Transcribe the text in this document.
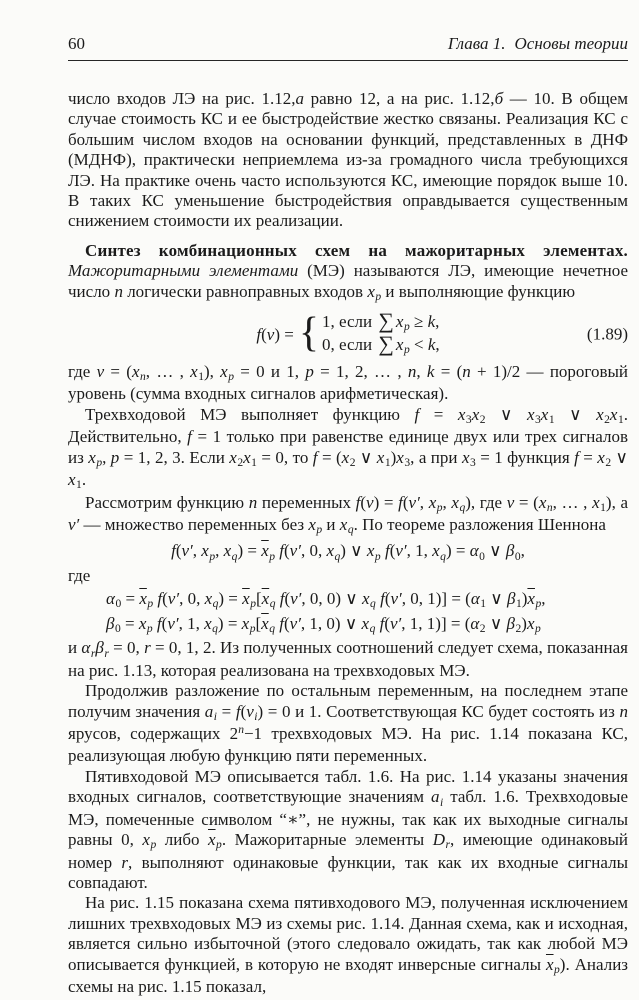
60	Глава 1. Основы теории

число входов ЛЭ на рис. 1.12,а равно 12, а на рис. 1.12,б — 10. В общем случае стоимость КС и ее быстродействие жестко связаны. Реализация КС с большим числом входов на основании функций, представленных в ДНФ (МДНФ), практически неприемлема из-за громадного числа требующихся ЛЭ. На практике очень часто используются КС, имеющие порядок выше 10. В таких КС уменьшение быстродействия оправдывается существенным снижением стоимости их реализации.

Синтез комбинационных схем на мажоритарных элементах. Мажоритарными элементами (МЭ) называются ЛЭ, имеющие нечетное число n логически равноправных входов xp и выполняющие функцию

f(ν) = { 1, если ∑ xp ≥ k,
0, если ∑ xp < k,
(1.89)

где ν = (xn, … , x1), xp = 0 и 1, p = 1, 2, … , n, k = (n + 1)/2 — пороговый уровень (сумма входных сигналов арифметическая).

Трехвходовой МЭ выполняет функцию f = x3x2 ∨ x3x1 ∨ x2x1. Действительно, f = 1 только при равенстве единице двух или трех сигналов из xp, p = 1, 2, 3. Если x2x1 = 0, то f = (x2 ∨ x1)x3, а при x3 = 1 функция f = x2 ∨ x1.

Рассмотрим функцию n переменных f(ν) = f(ν′, xp, xq), где ν = (xn, … , x1), а ν′ — множество переменных без xp и xq. По теореме разложения Шеннона

f(ν′, xp, $xq) = \overline{x}p$ f(ν′, 0, xq) ∨ xp f(ν′, 1, xq) = α0 ∨ β0,

где

$\alpha 0 = \overline{x}p$ f(ν′, 0, $xq) = \overline{x}p[\overline{x}q$ f(ν′, 0, 0) ∨ xq f(ν′, 0, 1)] = (α1 ∨ $\beta 1)\overline{x}p$,

β0 = xp f(ν′, 1, $xq) = xp[\overline{x}q$ f(ν′, 1, 0) ∨ xq f(ν′, 1, 1)] = (α2 ∨ β2)xp

и αrβr = 0, r = 0, 1, 2. Из полученных соотношений следует схема, показанная на рис. 1.13, которая реализована на трехвходовых МЭ.

Продолжив разложение по остальным переменным, на последнем этапе получим значения ai = f(νi) = 0 и 1. Соответствующая КС будет состоять из n ярусов, содержащих $2^n-1$ трехвходовых МЭ. На рис. 1.14 показана КС, реализующая любую функцию пяти переменных.

Пятивходовой МЭ описывается табл. 1.6. На рис. 1.14 указаны значения входных сигналов, соответствующие значениям ai табл. 1.6. Трехвходовые МЭ, помеченные символом “∗”, не нужны, так как их выходные сигналы равны 0, xp либо $\overline{x}p$. Мажоритарные элементы Dr, имеющие одинаковый номер r, выполняют одинаковые функции, так как их входные сигналы совпадают.

На рис. 1.15 показана схема пятивходового МЭ, полученная исключением лишних трехвходовых МЭ из схемы рис. 1.14. Данная схема, как и исходная, является сильно избыточной (этого следовало ожидать, так как любой МЭ описывается функцией, в которую не входят инверсные сигналы $\overline{x}p$). Анализ схемы на рис. 1.15 показал,
